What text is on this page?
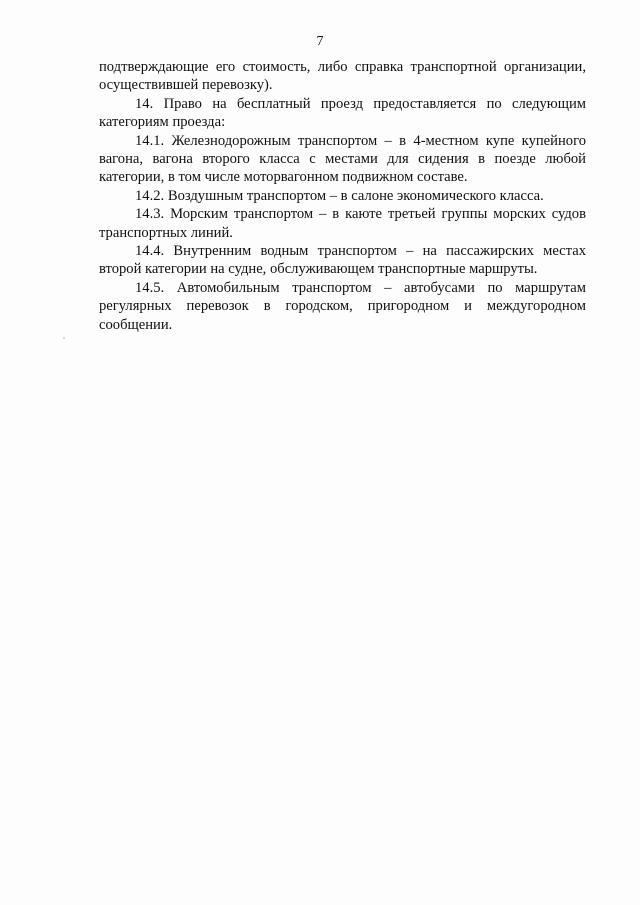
7

подтверждающие его стоимость, либо справка транспортной организации, осуществившей перевозку).

14. Право на бесплатный проезд предоставляется по следующим категориям проезда:

14.1. Железнодорожным транспортом – в 4-местном купе купейного вагона, вагона второго класса с местами для сидения в поезде любой категории, в том числе моторвагонном подвижном составе.

14.2. Воздушным транспортом – в салоне экономического класса.

14.3. Морским транспортом – в каюте третьей группы морских судов транспортных линий.

14.4. Внутренним водным транспортом – на пассажирских местах второй категории на судне, обслуживающем транспортные маршруты.

14.5. Автомобильным транспортом – автобусами по маршрутам регулярных перевозок в городском, пригородном и междугородном сообщении.
